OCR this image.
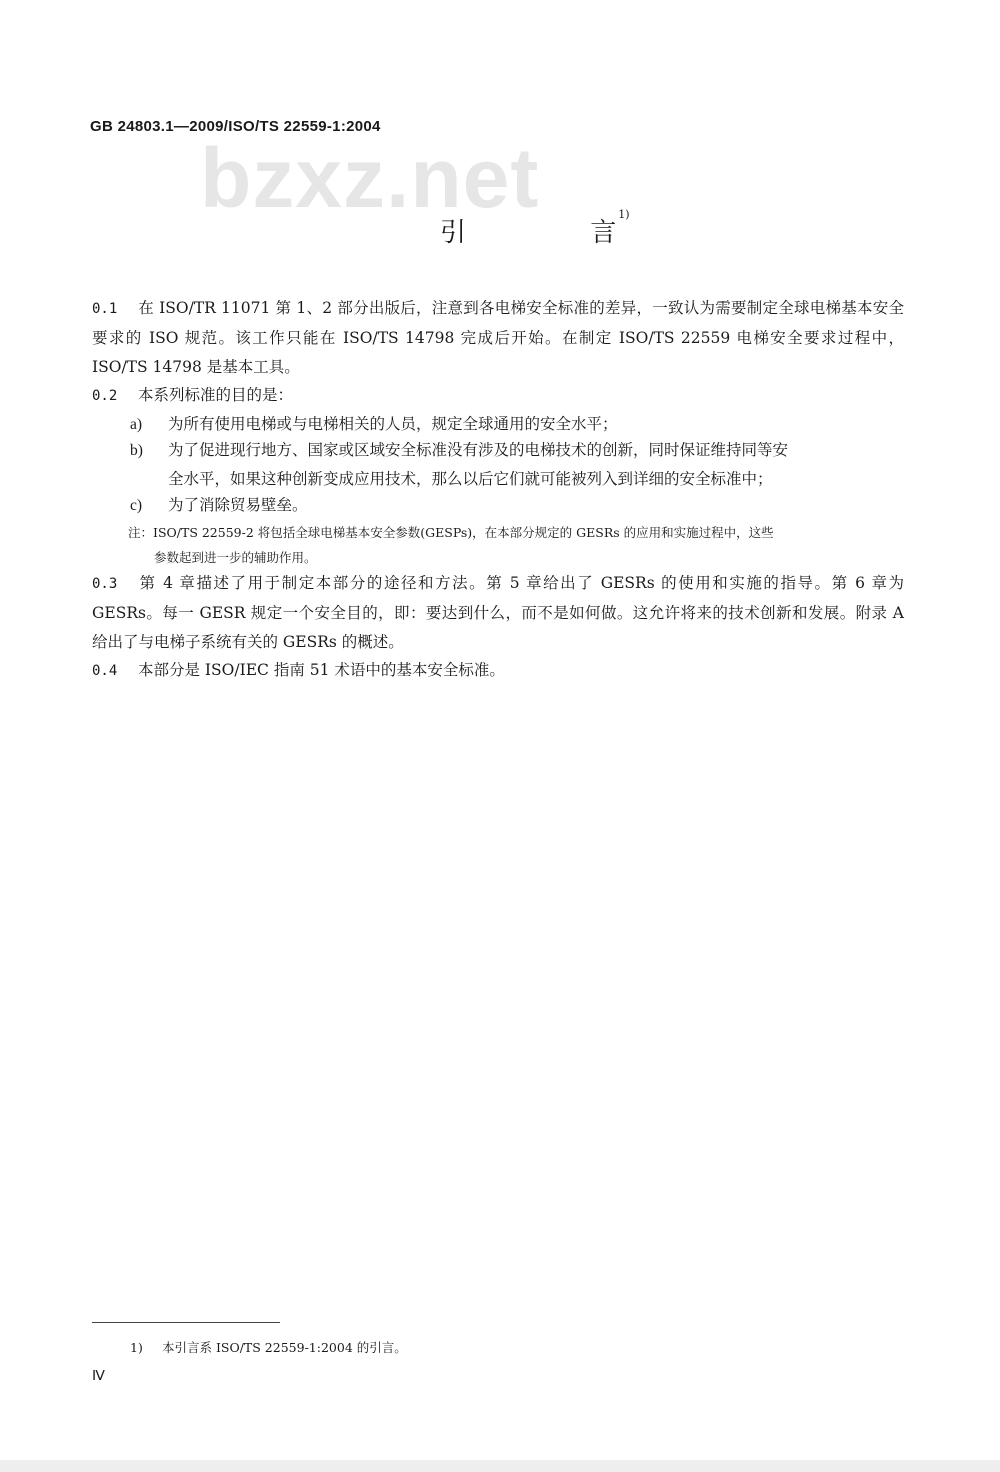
bzxz.net
GB 24803.1—2009/ISO/TS 22559-1:2004
引 言$^{1)}$
0.1 在 ISO/TR 11071 第 1、2 部分出版后，注意到各电梯安全标准的差异，一致认为需要制定全球电梯基本安全要求的 ISO 规范。该工作只能在 ISO/TS 14798 完成后开始。在制定 ISO/TS 22559 电梯安全要求过程中，ISO/TS 14798 是基本工具。
0.2 本系列标准的目的是：
a) 为所有使用电梯或与电梯相关的人员，规定全球通用的安全水平；
b) 为了促进现行地方、国家或区域安全标准没有涉及的电梯技术的创新，同时保证维持同等安
全水平，如果这种创新变成应用技术，那么以后它们就可能被列入到详细的安全标准中；
c) 为了消除贸易壁垒。
注：ISO/TS 22559-2 将包括全球电梯基本安全参数(GESPs)，在本部分规定的 GESRs 的应用和实施过程中，这些
参数起到进一步的辅助作用。
0.3 第 4 章描述了用于制定本部分的途径和方法。第 5 章给出了 GESRs 的使用和实施的指导。第 6 章为 GESRs。每一 GESR 规定一个安全目的，即：要达到什么，而不是如何做。这允许将来的技术创新和发展。附录 A 给出了与电梯子系统有关的 GESRs 的概述。
0.4 本部分是 ISO/IEC 指南 51 术语中的基本安全标准。
1) 本引言系 ISO/TS 22559-1:2004 的引言。
Ⅳ
